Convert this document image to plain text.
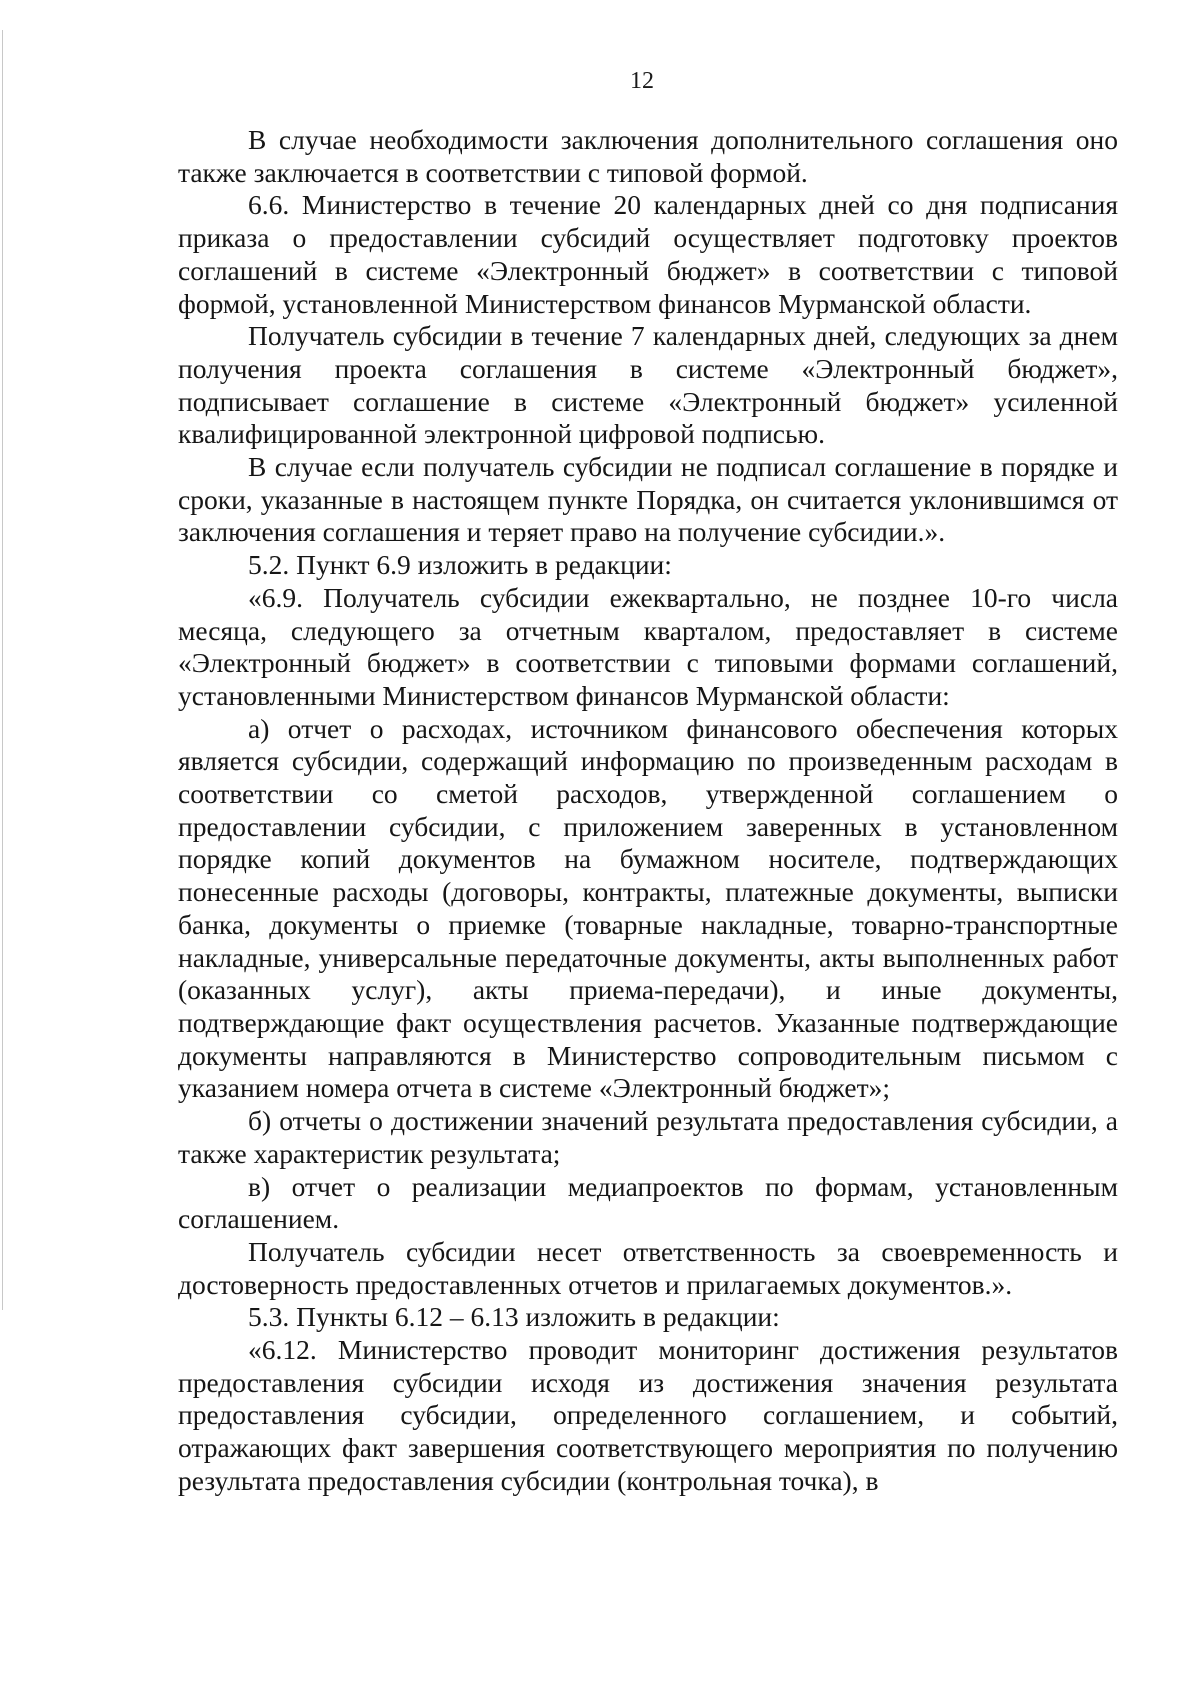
12

В случае необходимости заключения дополнительного соглашения оно также заключается в соответствии с типовой формой.

6.6. Министерство в течение 20 календарных дней со дня подписания приказа о предоставлении субсидий осуществляет подготовку проектов соглашений в системе «Электронный бюджет» в соответствии с типовой формой, установленной Министерством финансов Мурманской области.

Получатель субсидии в течение 7 календарных дней, следующих за днем получения проекта соглашения в системе «Электронный бюджет», подписывает соглашение в системе «Электронный бюджет» усиленной квалифицированной электронной цифровой подписью.

В случае если получатель субсидии не подписал соглашение в порядке и сроки, указанные в настоящем пункте Порядка, он считается уклонившимся от заключения соглашения и теряет право на получение субсидии.».

5.2. Пункт 6.9 изложить в редакции:

«6.9. Получатель субсидии ежеквартально, не позднее 10-го числа месяца, следующего за отчетным кварталом, предоставляет в системе «Электронный бюджет» в соответствии с типовыми формами соглашений, установленными Министерством финансов Мурманской области:

а) отчет о расходах, источником финансового обеспечения которых является субсидии, содержащий информацию по произведенным расходам в соответствии со сметой расходов, утвержденной соглашением о предоставлении субсидии, с приложением заверенных в установленном порядке копий документов на бумажном носителе, подтверждающих понесенные расходы (договоры, контракты, платежные документы, выписки банка, документы о приемке (товарные накладные, товарно-транспортные накладные, универсальные передаточные документы, акты выполненных работ (оказанных услуг), акты приема-передачи), и иные документы, подтверждающие факт осуществления расчетов. Указанные подтверждающие документы направляются в Министерство сопроводительным письмом с указанием номера отчета в системе «Электронный бюджет»;

б) отчеты о достижении значений результата предоставления субсидии, а также характеристик результата;

в) отчет о реализации медиапроектов по формам, установленным соглашением.

Получатель субсидии несет ответственность за своевременность и достоверность предоставленных отчетов и прилагаемых документов.».

5.3. Пункты 6.12 – 6.13 изложить в редакции:

«6.12. Министерство проводит мониторинг достижения результатов предоставления субсидии исходя из достижения значения результата предоставления субсидии, определенного соглашением, и событий, отражающих факт завершения соответствующего мероприятия по получению результата предоставления субсидии (контрольная точка), в
